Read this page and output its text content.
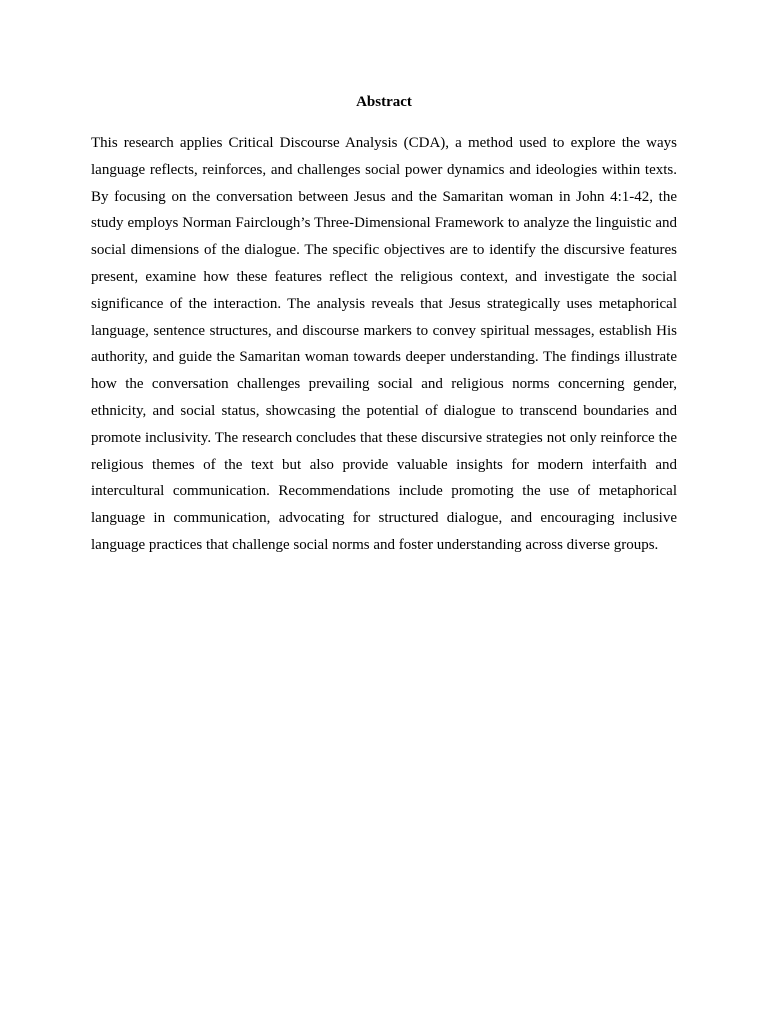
Abstract

This research applies Critical Discourse Analysis (CDA), a method used to explore the ways language reflects, reinforces, and challenges social power dynamics and ideologies within texts. By focusing on the conversation between Jesus and the Samaritan woman in John 4:1-42, the study employs Norman Fairclough’s Three-Dimensional Framework to analyze the linguistic and social dimensions of the dialogue. The specific objectives are to identify the discursive features present, examine how these features reflect the religious context, and investigate the social significance of the interaction. The analysis reveals that Jesus strategically uses metaphorical language, sentence structures, and discourse markers to convey spiritual messages, establish His authority, and guide the Samaritan woman towards deeper understanding. The findings illustrate how the conversation challenges prevailing social and religious norms concerning gender, ethnicity, and social status, showcasing the potential of dialogue to transcend boundaries and promote inclusivity. The research concludes that these discursive strategies not only reinforce the religious themes of the text but also provide valuable insights for modern interfaith and intercultural communication. Recommendations include promoting the use of metaphorical language in communication, advocating for structured dialogue, and encouraging inclusive language practices that challenge social norms and foster understanding across diverse groups.
